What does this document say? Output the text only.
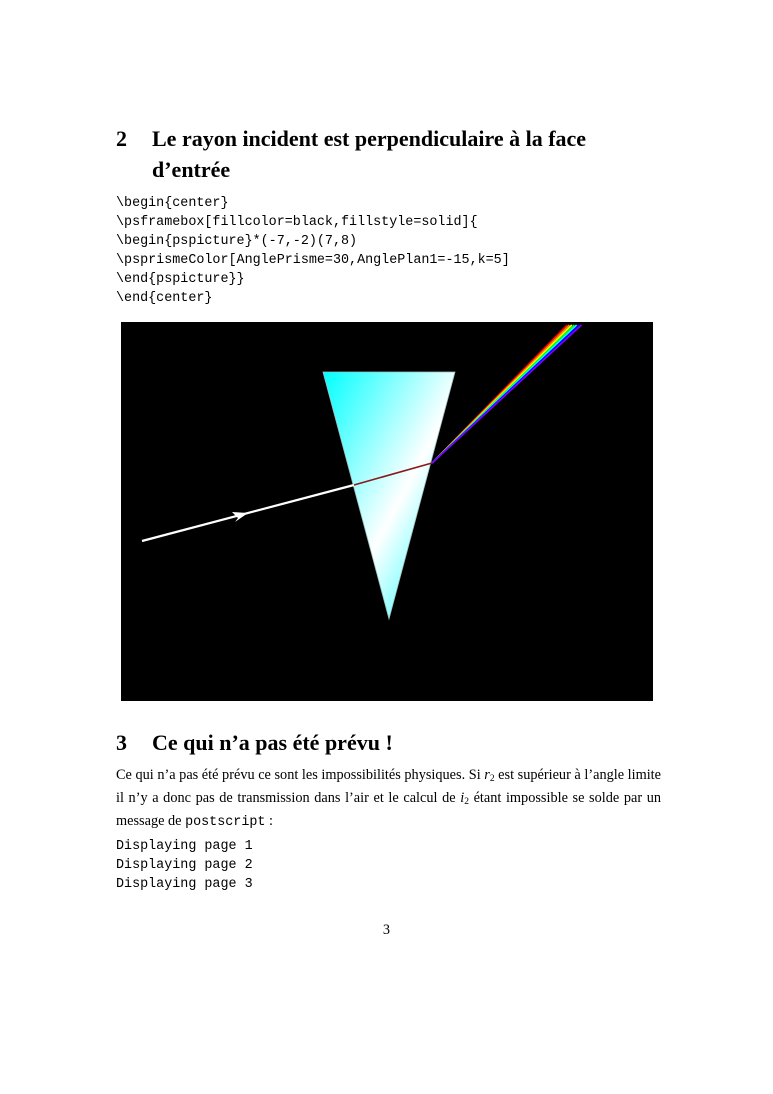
2 Le rayon incident est perpendiculaire à la face d’entrée
\begin{center}
\psframebox[fillcolor=black,fillstyle=solid]{
\begin{pspicture}*(-7,-2)(7,8)
\psprismeColor[AnglePrisme=30,AnglePlan1=-15,k=5]
\end{pspicture}}
\end{center}
3 Ce qui n’a pas été prévu !

Ce qui n’a pas été prévu ce sont les impossibilités physiques. Si $r_2$ est supérieur à l’angle limite il n’y a donc pas de transmission dans l’air et le calcul de $i_2$ étant impossible se solde par un message de postscript :

Displaying page 1
Displaying page 2
Displaying page 3
3
